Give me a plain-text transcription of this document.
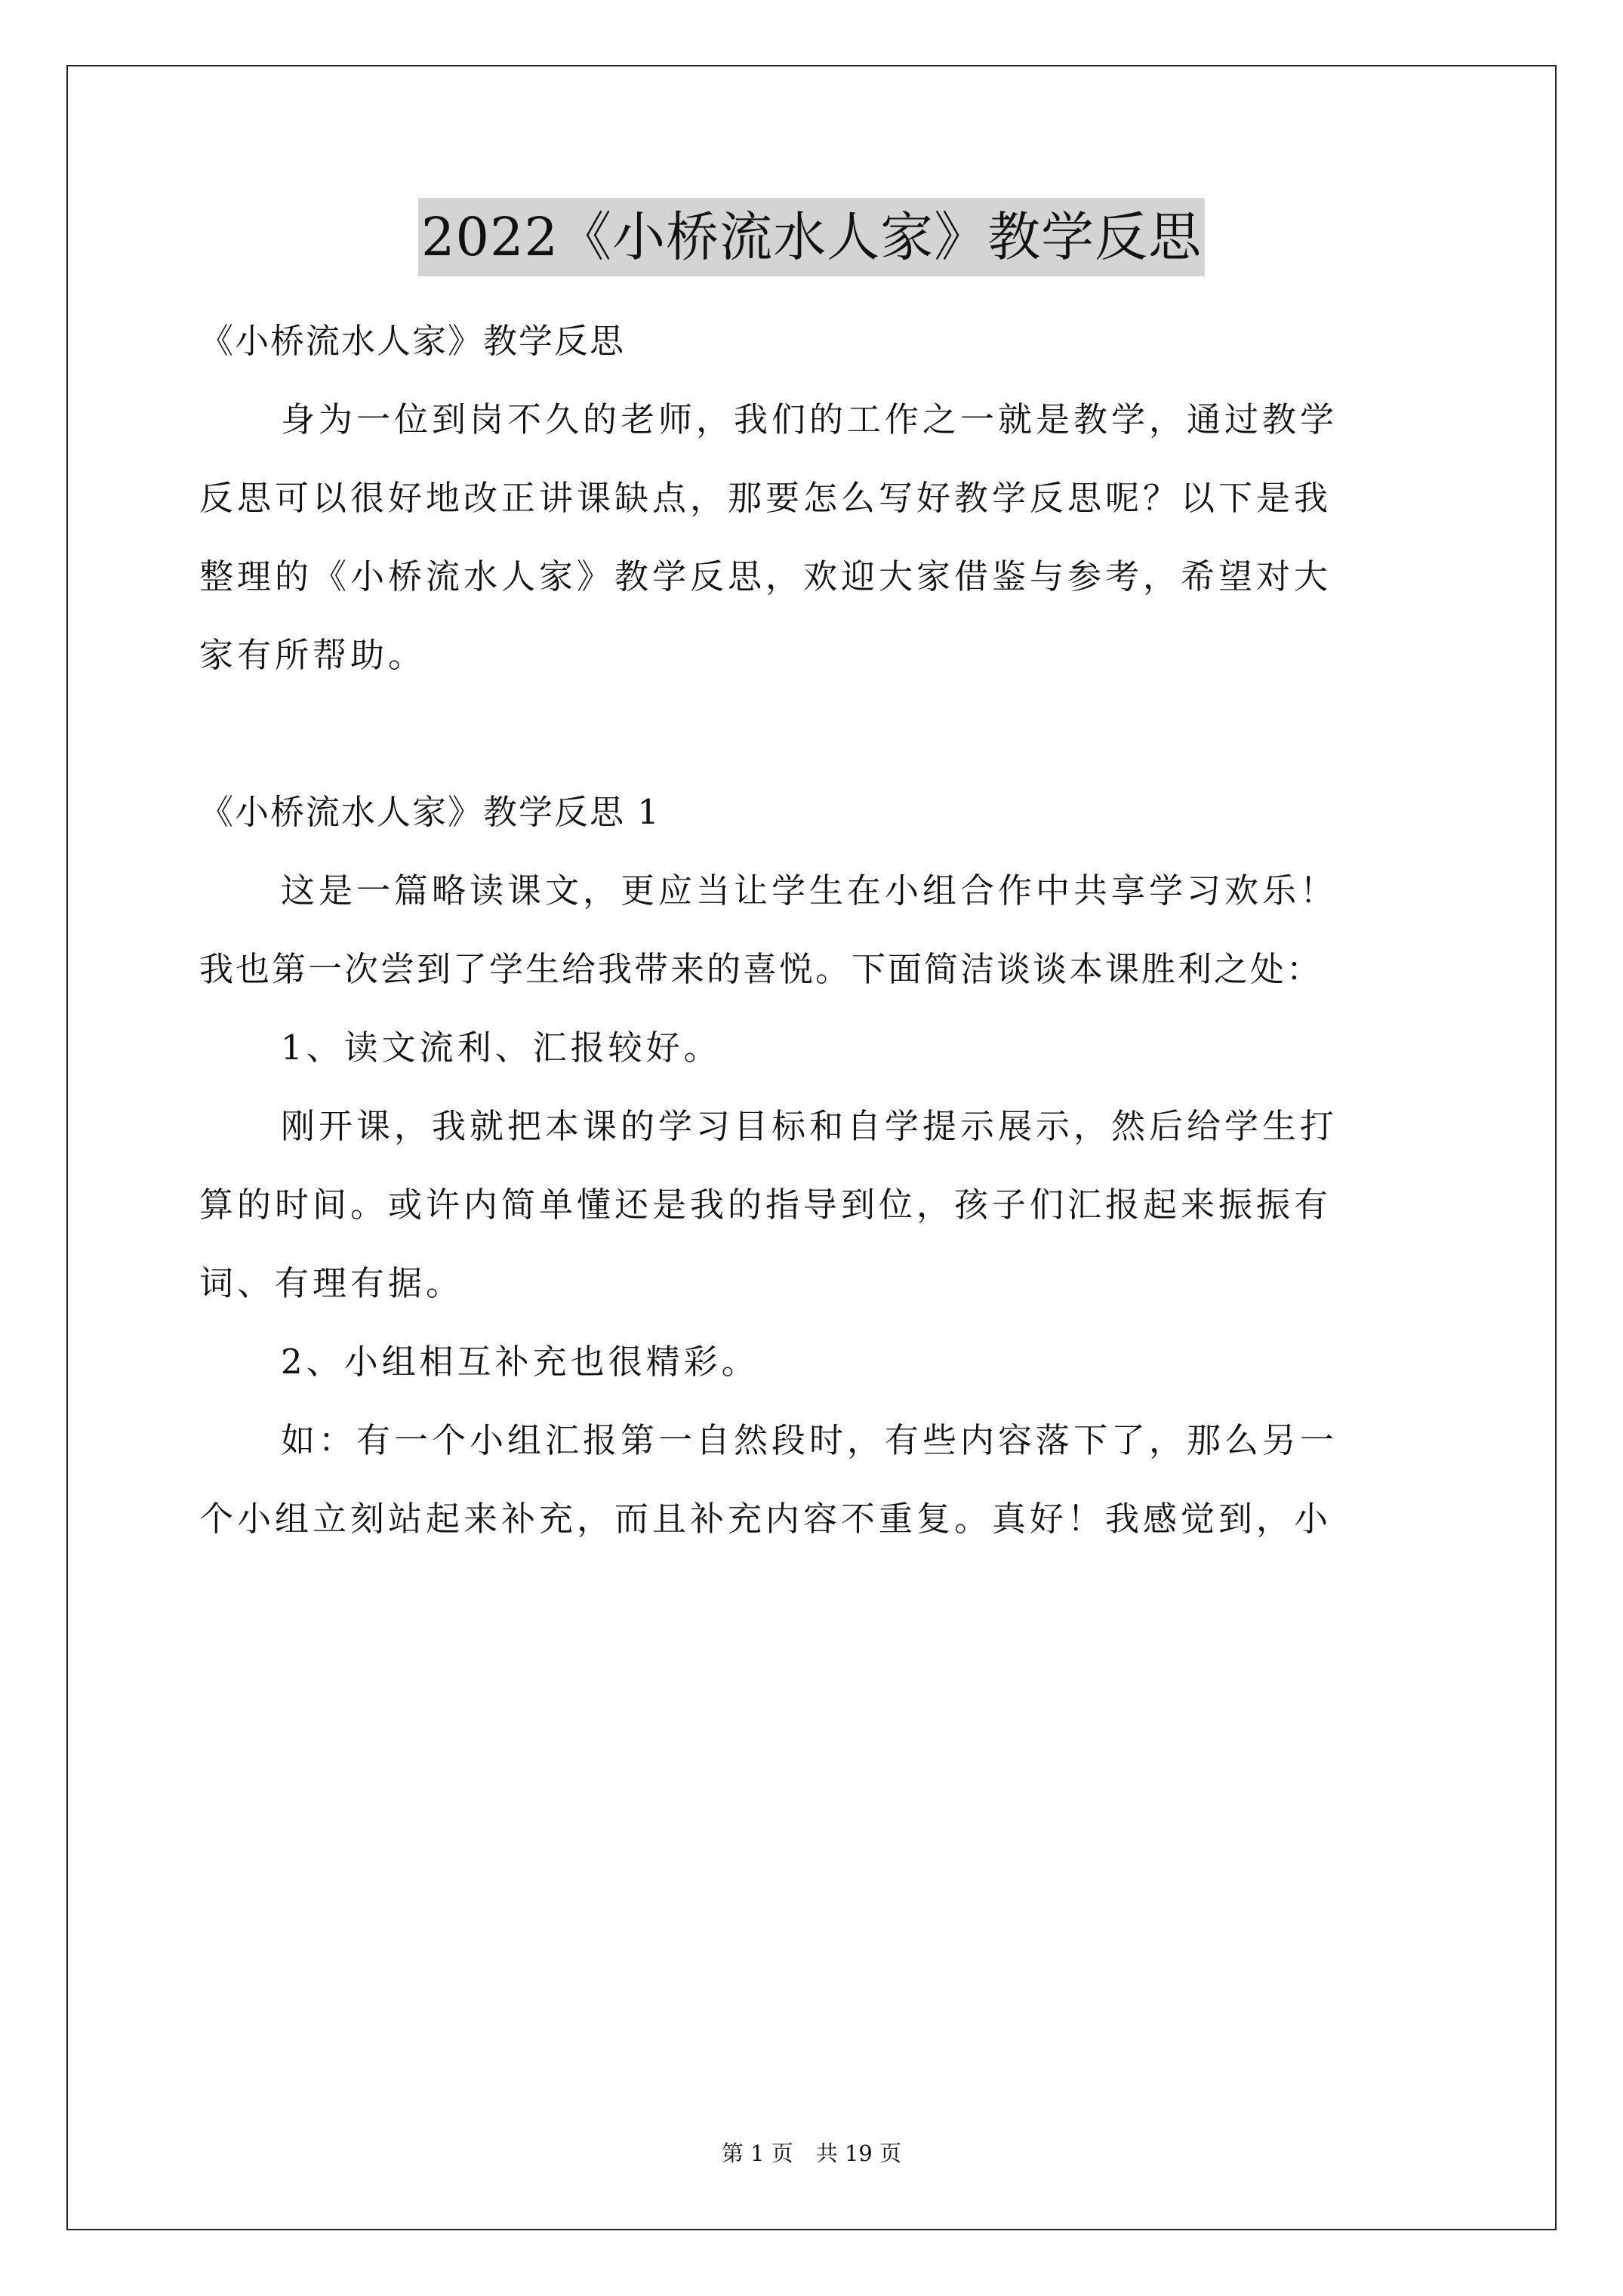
2022《小桥流水人家》教学反思
《小桥流水人家》教学反思
身为一位到岗不久的老师，我们的工作之一就是教学，通过教学
反思可以很好地改正讲课缺点，那要怎么写好教学反思呢？以下是我
整理的《小桥流水人家》教学反思，欢迎大家借鉴与参考，希望对大
家有所帮助。
《小桥流水人家》教学反思 1
这是一篇略读课文，更应当让学生在小组合作中共享学习欢乐！
我也第一次尝到了学生给我带来的喜悦。下面简洁谈谈本课胜利之处：
1、读文流利、汇报较好。
刚开课，我就把本课的学习目标和自学提示展示，然后给学生打
算的时间。或许内简单懂还是我的指导到位，孩子们汇报起来振振有
词、有理有据。
2、小组相互补充也很精彩。
如：有一个小组汇报第一自然段时，有些内容落下了，那么另一
个小组立刻站起来补充，而且补充内容不重复。真好！我感觉到，小
第 1 页 共 19 页
